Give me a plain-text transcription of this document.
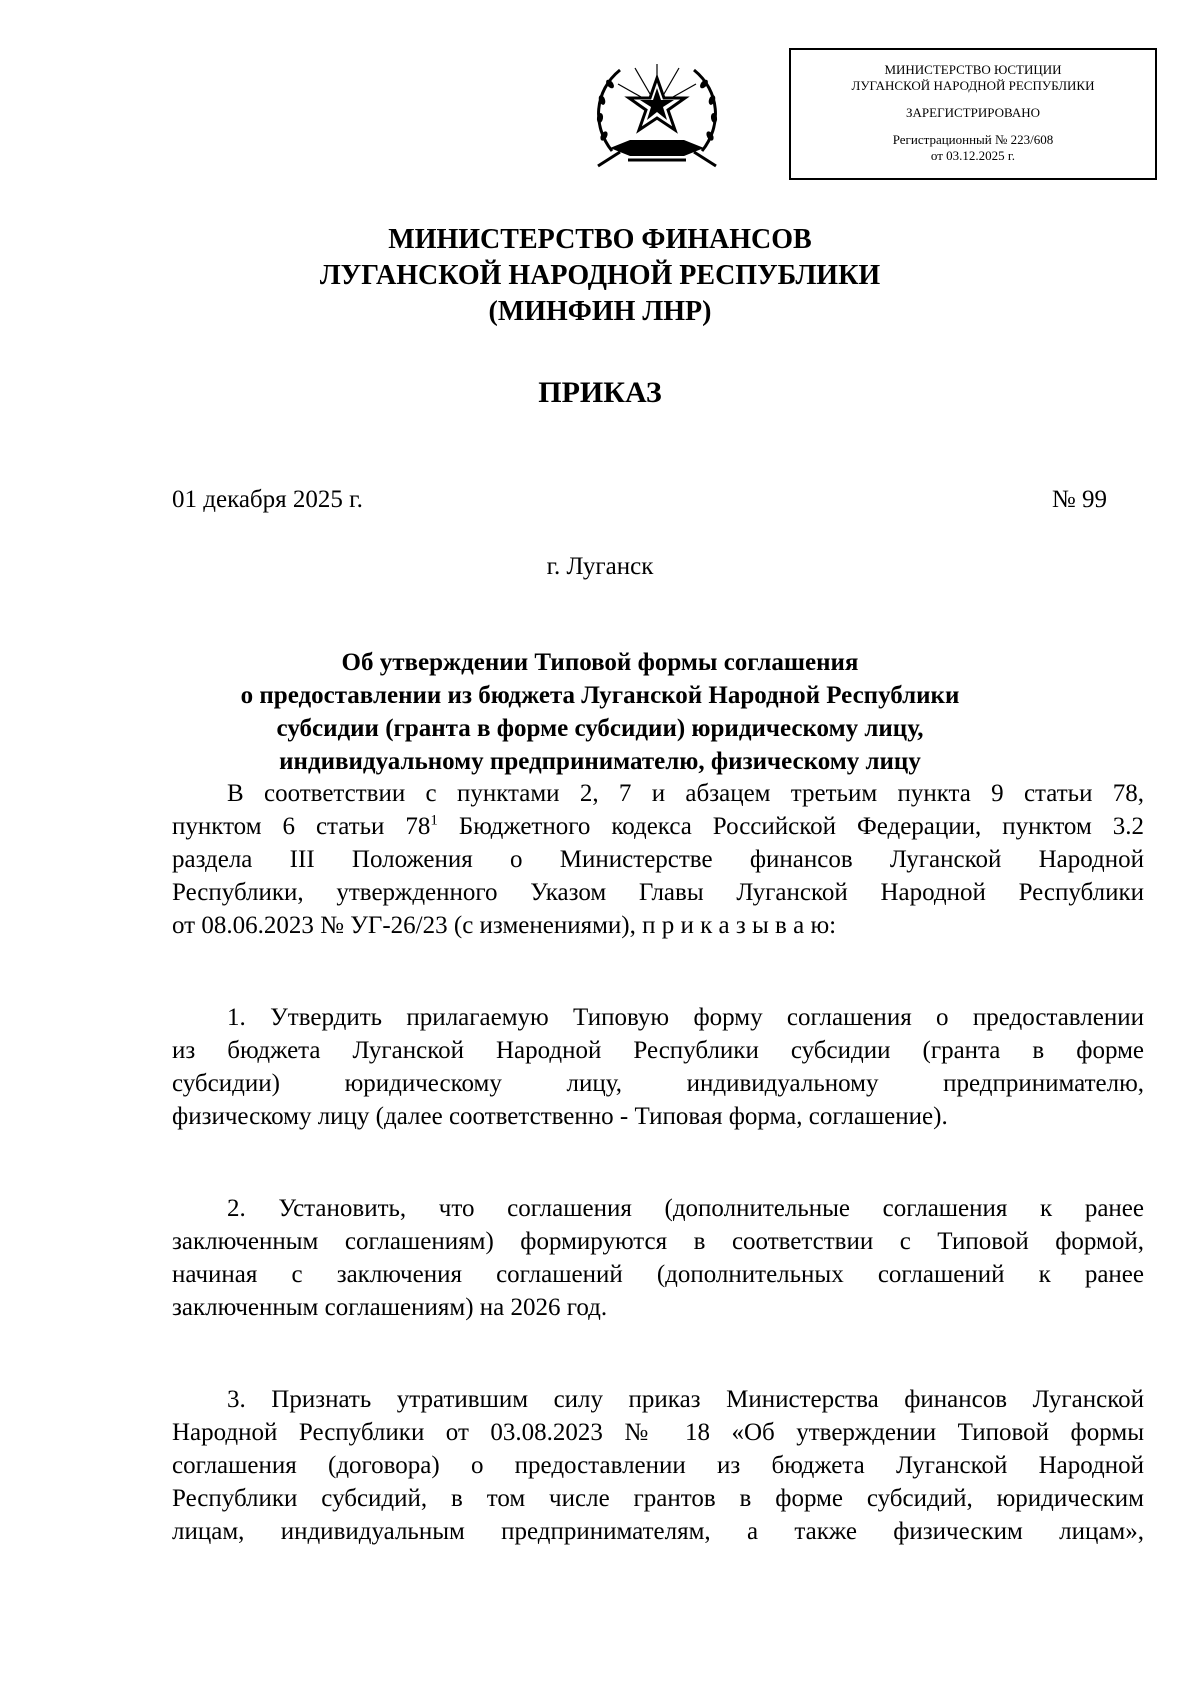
МИНИСТЕРСТВО ЮСТИЦИИ
ЛУГАНСКОЙ НАРОДНОЙ РЕСПУБЛИКИ
ЗАРЕГИСТРИРОВАНО
Регистрационный № 223/608
от 03.12.2025 г.
МИНИСТЕРСТВО ФИНАНСОВ
ЛУГАНСКОЙ НАРОДНОЙ РЕСПУБЛИКИ
(МИНФИН ЛНР)
ПРИКАЗ
01 декабря 2025 г.	№ 99
г. Луганск
Об утверждении Типовой формы соглашения
о предоставлении из бюджета Луганской Народной Республики
субсидии (гранта в форме субсидии) юридическому лицу,
индивидуальному предпринимателю, физическому лицу
В соответствии с пунктами 2, 7 и абзацем третьим пункта 9 статьи 78,
пунктом 6 статьи $78^1$ Бюджетного кодекса Российской Федерации, пунктом 3.2
раздела III Положения о Министерстве финансов Луганской Народной
Республики, утвержденного Указом Главы Луганской Народной Республики
от 08.06.2023 № УГ-26/23 (с изменениями), п р и к а з ы в а ю:
1. Утвердить прилагаемую Типовую форму соглашения о предоставлении
из бюджета Луганской Народной Республики субсидии (гранта в форме
субсидии) юридическому лицу, индивидуальному предпринимателю,
физическому лицу (далее соответственно - Типовая форма, соглашение).
2. Установить, что соглашения (дополнительные соглашения к ранее
заключенным соглашениям) формируются в соответствии с Типовой формой,
начиная с заключения соглашений (дополнительных соглашений к ранее
заключенным соглашениям) на 2026 год.
3. Признать утратившим силу приказ Министерства финансов Луганской
Народной Республики от 03.08.2023 № 18 «Об утверждении Типовой формы
соглашения (договора) о предоставлении из бюджета Луганской Народной
Республики субсидий, в том числе грантов в форме субсидий, юридическим
лицам, индивидуальным предпринимателям, а также физическим лицам»,
